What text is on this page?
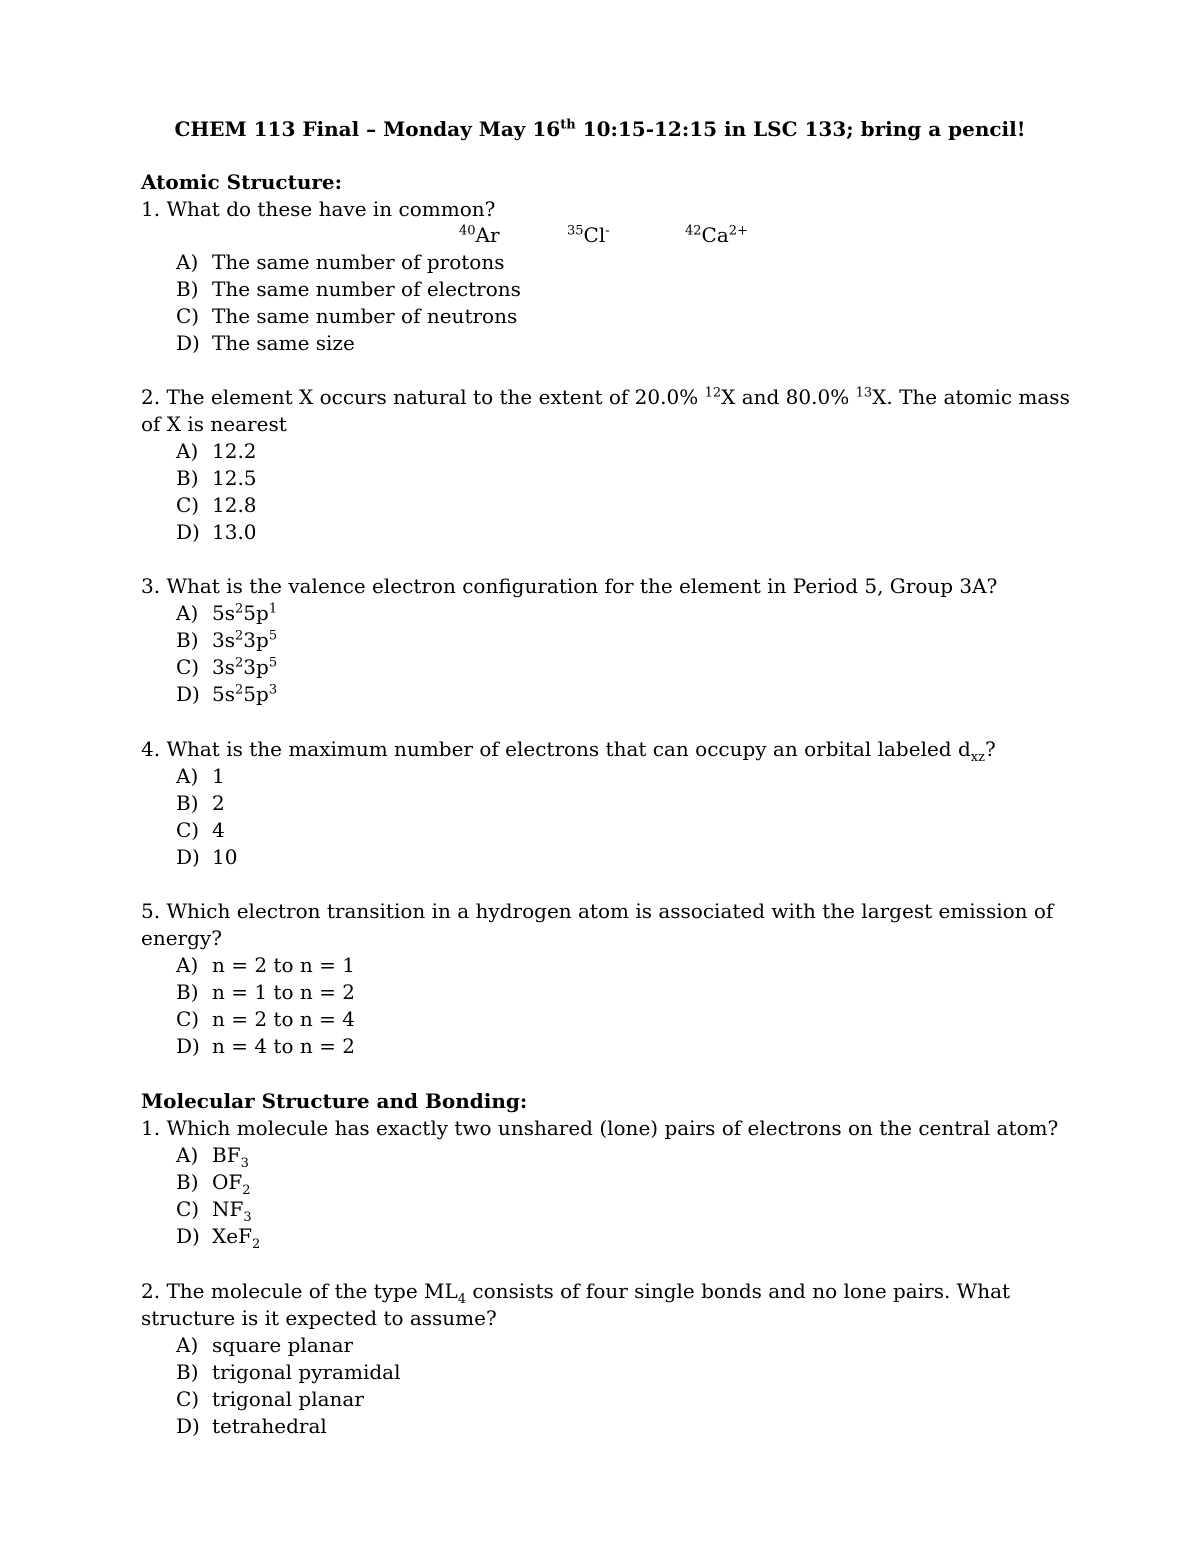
CHEM 113 Final – Monday May 16th 10:15-12:15 in LSC 133; bring a pencil!
Atomic Structure:
1. What do these have in common?
$^{40}$Ar	$^{35}$Cl-	$^{42}Ca^{2+}$
A) The same number of protons
B) The same number of electrons
C) The same number of neutrons
D) The same size
2. The element X occurs natural to the extent of 20.0% $^{12}$X and 80.0% $^{13}$X. The atomic mass of X is nearest
A) 12.2
B) 12.5
C) 12.8
D) 13.0
3. What is the valence electron configuration for the element in Period 5, Group 3A?
A) $5s^25p^1$
B) $3s^23p^5$
C) $3s^23p^5$
D) $5s^25p^3$
4. What is the maximum number of electrons that can occupy an orbital labeled $d_{xz}$?
A) 1
B) 2
C) 4
D) 10
5. Which electron transition in a hydrogen atom is associated with the largest emission of energy?
A) n = 2 to n = 1
B) n = 1 to n = 2
C) n = 2 to n = 4
D) n = 4 to n = 2
Molecular Structure and Bonding:
1. Which molecule has exactly two unshared (lone) pairs of electrons on the central atom?
A) $BF_3$
B) $OF_2$
C) $NF_3$
D) XeF$_2$
2. The molecule of the type $ML_4$ consists of four single bonds and no lone pairs. What structure is it expected to assume?
A) square planar
B) trigonal pyramidal
C) trigonal planar
D) tetrahedral
